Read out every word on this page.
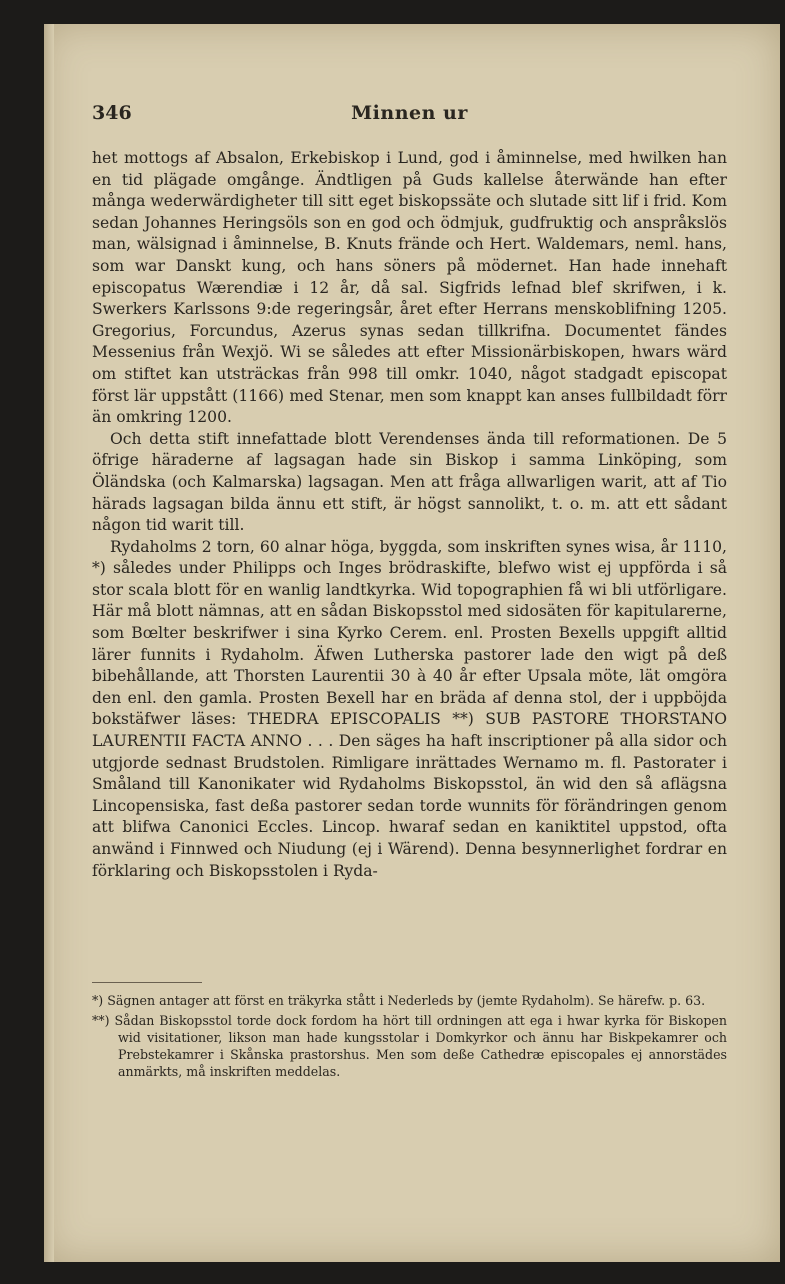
346	Minnen ur

het mottogs af Absalon, Erkebiskop i Lund, god i åminnelse, med hwilken han en tid plägade omgånge. Ändtligen på Guds kallelse återwände han efter många wederwärdigheter till sitt eget biskopssäte och slutade sitt lif i frid. Kom sedan Johannes Heringsöls son en god och ödmjuk, gudfruktig och anspråkslös man, wälsignad i åminnelse, B. Knuts frände och Hert. Waldemars, neml. hans, som war Danskt kung, och hans söners på mödernet. Han hade innehaft episcopatus Wærendiæ i 12 år, då sal. Sigfrids lefnad blef skrifwen, i k. Swerkers Karlssons 9:de regeringsår, året efter Herrans menskoblifning 1205. Gregorius, Forcundus, Azerus synas sedan tillkrifna. Documentet fändes Messenius från Wexjö. Wi se således att efter Missionärbiskopen, hwars wärd om stiftet kan utsträckas från 998 till omkr. 1040, något stadgadt episcopat först lär uppstått (1166) med Stenar, men som knappt kan anses fullbildadt förr än omkring 1200.

Och detta stift innefattade blott Verendenses ända till reformationen. De 5 öfrige häraderne af lagsagan hade sin Biskop i samma Linköping, som Öländska (och Kalmarska) lagsagan. Men att fråga allwarligen warit, att af Tio härads lagsagan bilda ännu ett stift, är högst sannolikt, t. o. m. att ett sådant någon tid warit till.

Rydaholms 2 torn, 60 alnar höga, byggda, som inskriften synes wisa, år 1110, *) således under Philipps och Inges brödraskifte, blefwo wist ej uppförda i så stor scala blott för en wanlig landtkyrka. Wid topographien få wi bli utförligare. Här må blott nämnas, att en sådan Biskopsstol med sidosäten för kapitularerne, som Bœlter beskrifwer i sina Kyrko Cerem. enl. Prosten Bexells uppgift alltid lärer funnits i Rydaholm. Äfwen Lutherska pastorer lade den wigt på deß bibehållande, att Thorsten Laurentii 30 à 40 år efter Upsala möte, lät omgöra den enl. den gamla. Prosten Bexell har en bräda af denna stol, der i uppböjda bokstäfwer läses: THEDRA EPISCOPALIS **) SUB PASTORE THORSTANO LAURENTII FACTA ANNO . . . Den säges ha haft inscriptioner på alla sidor och utgjorde sednast Brudstolen. Rimligare inrättades Wernamo m. fl. Pastorater i Småland till Kanonikater wid Rydaholms Biskopsstol, än wid den så aflägsna Lincopensiska, fast deßa pastorer sedan torde wunnits för förändringen genom att blifwa Canonici Eccles. Lincop. hwaraf sedan en kaniktitel uppstod, ofta anwänd i Finnwed och Niudung (ej i Wärend). Denna besynnerlighet fordrar en förklaring och Biskopsstolen i Ryda-

*) Sägnen antager att först en träkyrka stått i Nederleds by (jemte Rydaholm). Se härefw. p. 63.

**) Sådan Biskopsstol torde dock fordom ha hört till ordningen att ega i hwar kyrka för Biskopen wid visitationer, likson man hade kungsstolar i Domkyrkor och ännu har Biskpekamrer och Prebstekamrer i Skånska prastorshus. Men som deße Cathedræ episcopales ej annorstädes anmärkts, må inskriften meddelas.
